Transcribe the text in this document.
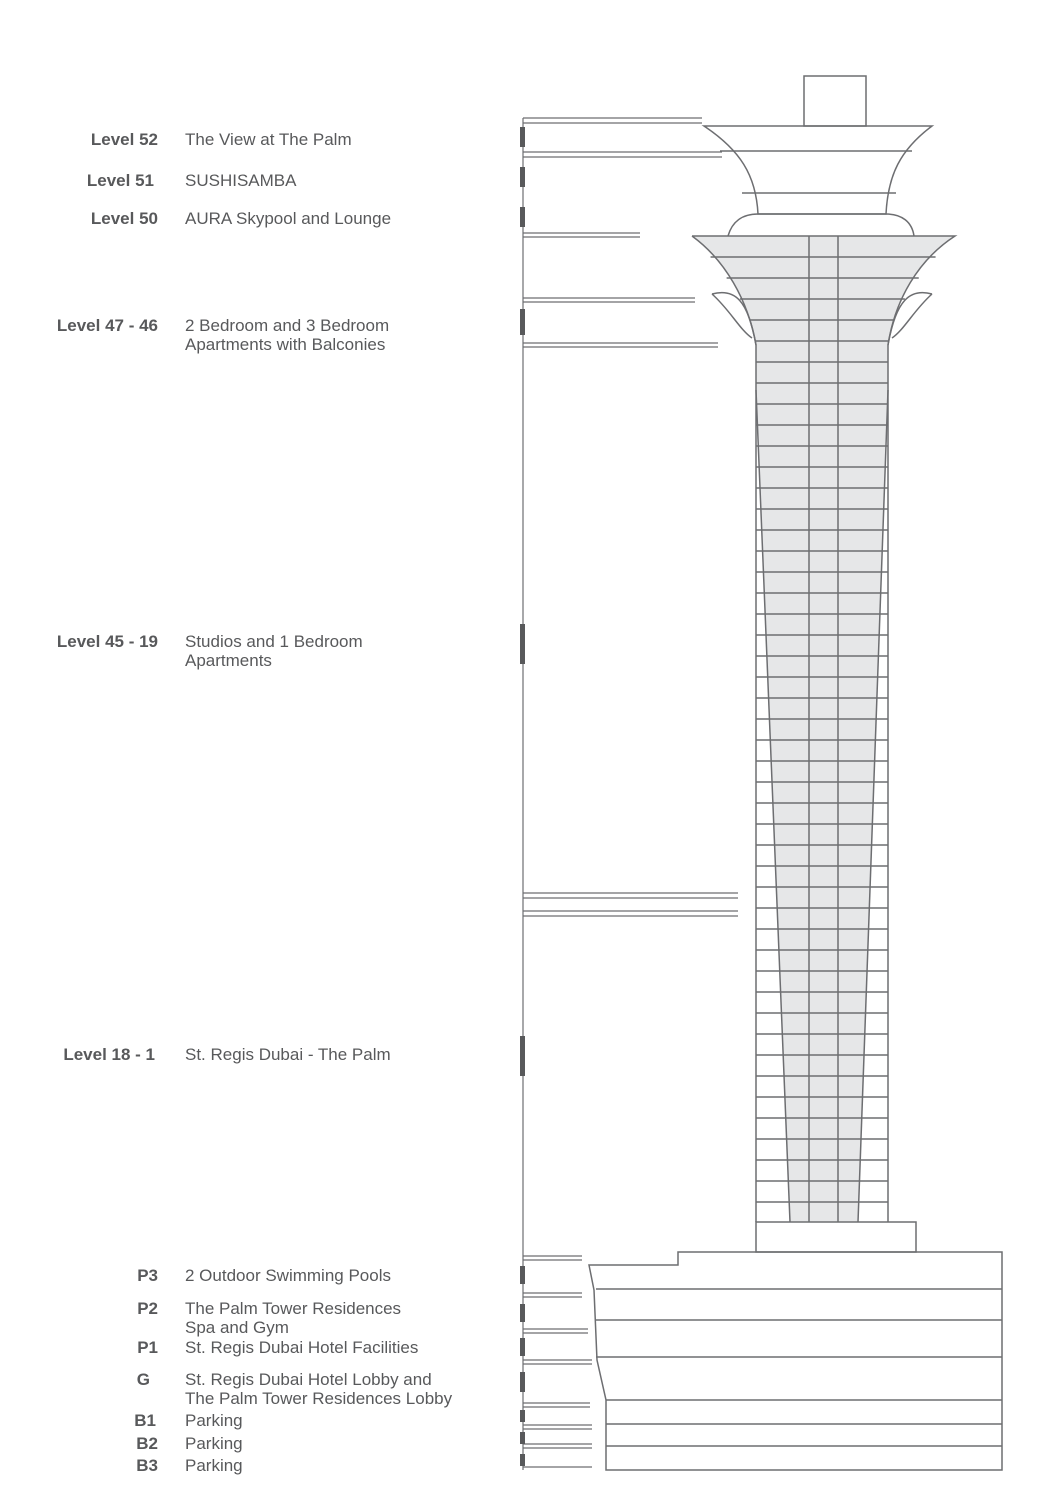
Level 52 The View at The Palm
Level 51 SUSHISAMBA
Level 50 AURA Skypool and Lounge
Level 47 - 46 2 Bedroom and 3 Bedroom
Apartments with Balconies
Level 45 - 19 Studios and 1 Bedroom
Apartments
Level 18 - 1 St. Regis Dubai - The Palm
P3 2 Outdoor Swimming Pools
P2 The Palm Tower Residences
Spa and Gym
P1 St. Regis Dubai Hotel Facilities
G St. Regis Dubai Hotel Lobby and
The Palm Tower Residences Lobby
B1 Parking
B2 Parking
B3 Parking
